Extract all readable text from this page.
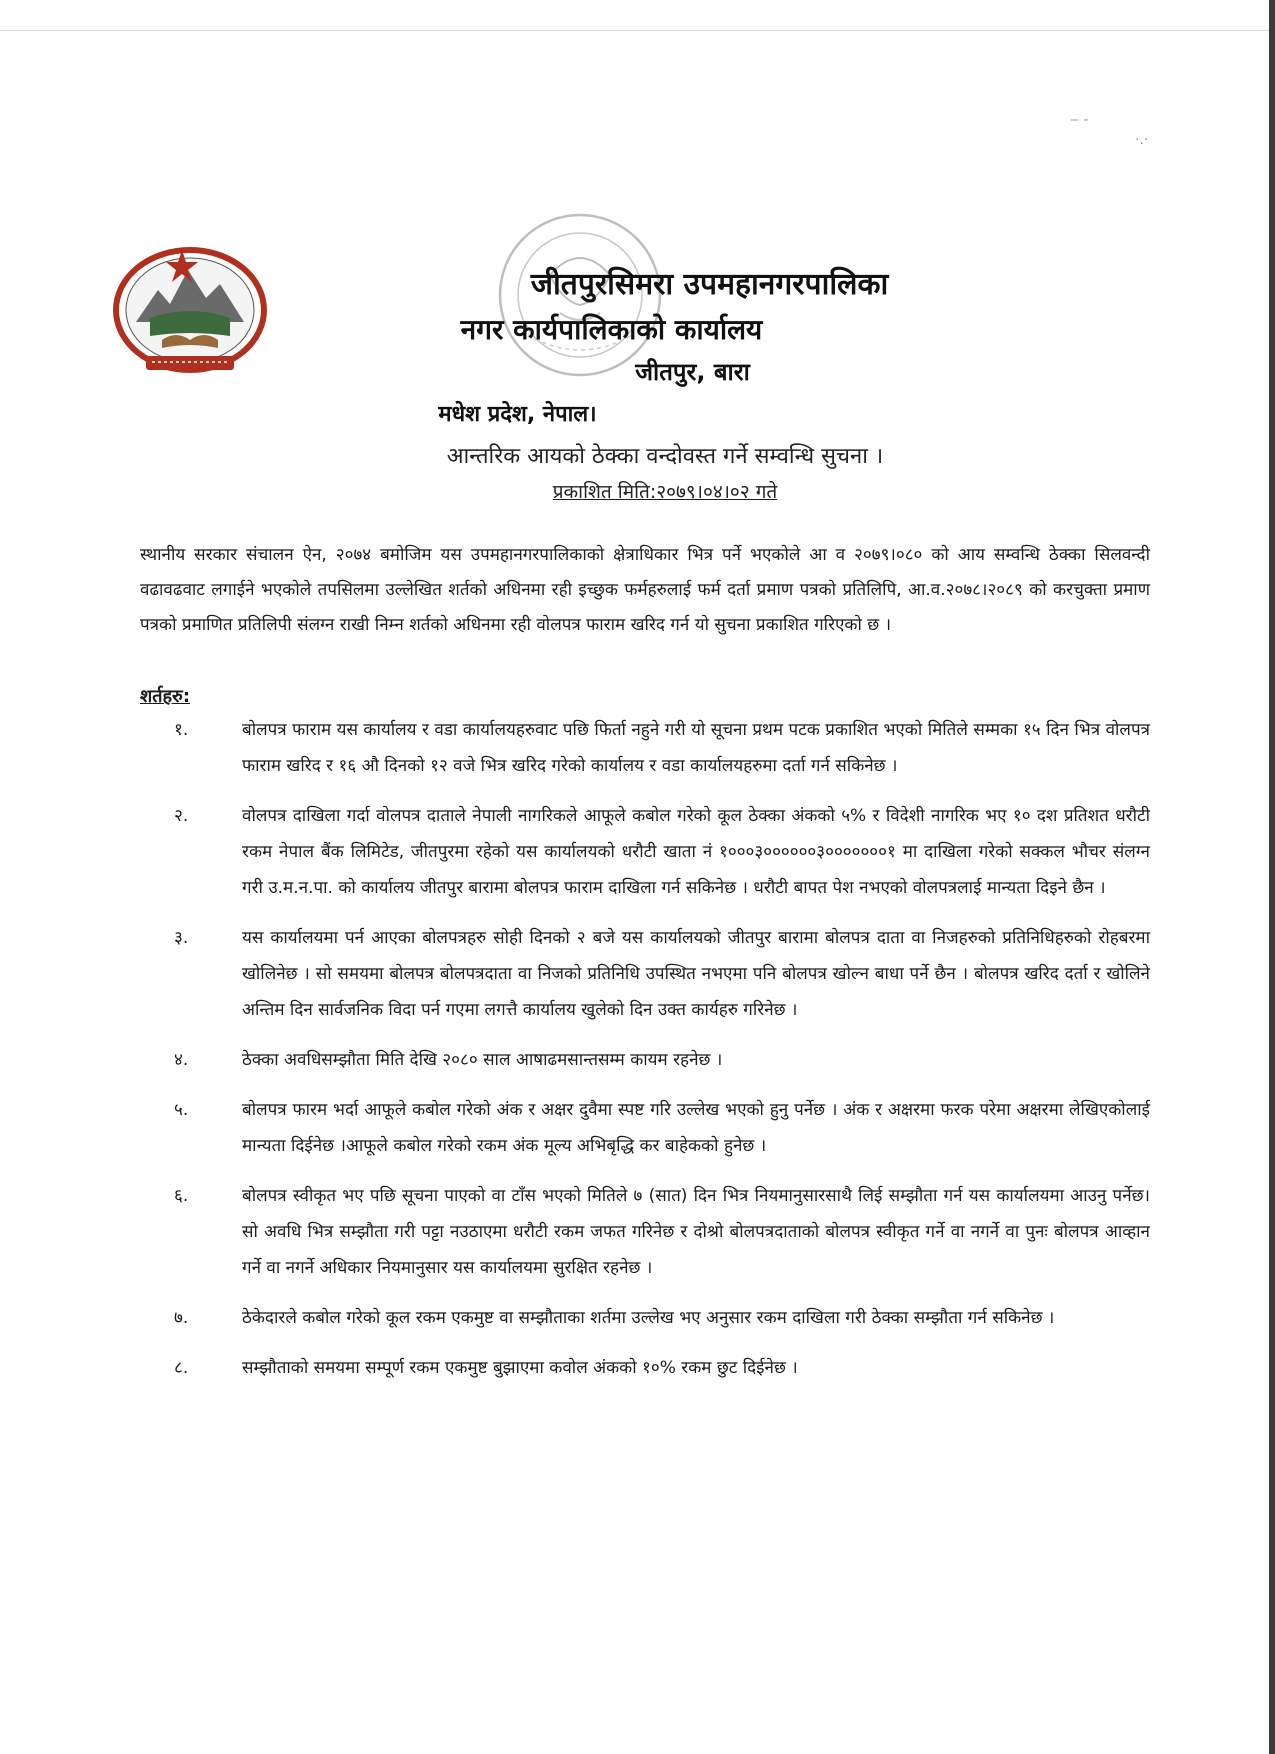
‒ -
·.·
जीतपुरसिमरा उपमहानगरपालिका
नगर कार्यपालिकाको कार्यालय
जीतपुर, बारा
मधेश प्रदेश, नेपाल।
आन्तरिक आयको ठेक्का वन्दोवस्त गर्ने सम्वन्धि सुचना ।
प्रकाशित मिति:२०७९।०४।०२ गते
स्थानीय सरकार संचालन ऐन, २०७४ बमोजिम यस उपमहानगरपालिकाको क्षेत्राधिकार भित्र पर्ने भएकोले आ व २०७९।०८० को आय सम्वन्धि ठेक्का सिलवन्दी वढावढवाट लगाईने भएकोले तपसिलमा उल्लेखित शर्तको अधिनमा रही इच्छुक फर्महरुलाई फर्म दर्ता प्रमाण पत्रको प्रतिलिपि, आ.व.२०७८।२०८९ को करचुक्ता प्रमाण पत्रको प्रमाणित प्रतिलिपी संलग्न राखी निम्न शर्तको अधिनमा रही वोलपत्र फाराम खरिद गर्न यो सुचना प्रकाशित गरिएको छ ।
शर्तहरु:
१.	बोलपत्र फाराम यस कार्यालय र वडा कार्यालयहरुवाट पछि फिर्ता नहुने गरी यो सूचना प्रथम पटक प्रकाशित भएको मितिले सम्मका १५ दिन भित्र वोलपत्र फाराम खरिद र १६ औ दिनको १२ वजे भित्र खरिद गरेको कार्यालय र वडा कार्यालयहरुमा दर्ता गर्न सकिनेछ ।
२.	वोलपत्र दाखिला गर्दा वोलपत्र दाताले नेपाली नागरिकले आफूले कबोल गरेको कूल ठेक्का अंकको ५% र विदेशी नागरिक भए १० दश प्रतिशत धरौटी रकम नेपाल बैंक लिमिटेड, जीतपुरमा रहेको यस कार्यालयको धरौटी खाता नं १०००३००००००३०००००००१ मा दाखिला गरेको सक्कल भौचर संलग्न गरी उ.म.न.पा. को कार्यालय जीतपुर बारामा बोलपत्र फाराम दाखिला गर्न सकिनेछ । धरौटी बापत पेश नभएको वोलपत्रलाई मान्यता दिइने छैन ।
३.	यस कार्यालयमा पर्न आएका बोलपत्रहरु सोही दिनको २ बजे यस कार्यालयको जीतपुर बारामा बोलपत्र दाता वा निजहरुको प्रतिनिधिहरुको रोहबरमा खोलिनेछ । सो समयमा बोलपत्र बोलपत्रदाता वा निजको प्रतिनिधि उपस्थित नभएमा पनि बोलपत्र खोल्न बाधा पर्ने छैन । बोलपत्र खरिद दर्ता र खोलिने अन्तिम दिन सार्वजनिक विदा पर्न गएमा लगत्तै कार्यालय खुलेको दिन उक्त कार्यहरु गरिनेछ ।
४.	ठेक्का अवधिसम्झौता मिति देखि २०८० साल आषाढमसान्तसम्म कायम रहनेछ ।
५.	बोलपत्र फारम भर्दा आफूले कबोल गरेको अंक र अक्षर दुवैमा स्पष्ट गरि उल्लेख भएको हुनु पर्नेछ । अंक र अक्षरमा फरक परेमा अक्षरमा लेखिएकोलाई मान्यता दिईनेछ ।आफूले कबोल गरेको रकम अंक मूल्य अभिबृद्धि कर बाहेकको हुनेछ ।
६.	बोलपत्र स्वीकृत भए पछि सूचना पाएको वा टाँस भएको मितिले ७ (सात) दिन भित्र नियमानुसारसाथै लिई सम्झौता गर्न यस कार्यालयमा आउनु पर्नेछ। सो अवधि भित्र सम्झौता गरी पट्टा नउठाएमा धरौटी रकम जफत गरिनेछ र दोश्रो बोलपत्रदाताको बोलपत्र स्वीकृत गर्ने वा नगर्ने वा पुनः बोलपत्र आव्हान गर्ने वा नगर्ने अधिकार नियमानुसार यस कार्यालयमा सुरक्षित रहनेछ ।
७.	ठेकेदारले कबोल गरेको कूल रकम एकमुष्ट वा सम्झौताका शर्तमा उल्लेख भए अनुसार रकम दाखिला गरी ठेक्का सम्झौता गर्न सकिनेछ ।
८.	सम्झौताको समयमा सम्पूर्ण रकम एकमुष्ट बुझाएमा कवोल अंकको १०% रकम छुट दिईनेछ ।
